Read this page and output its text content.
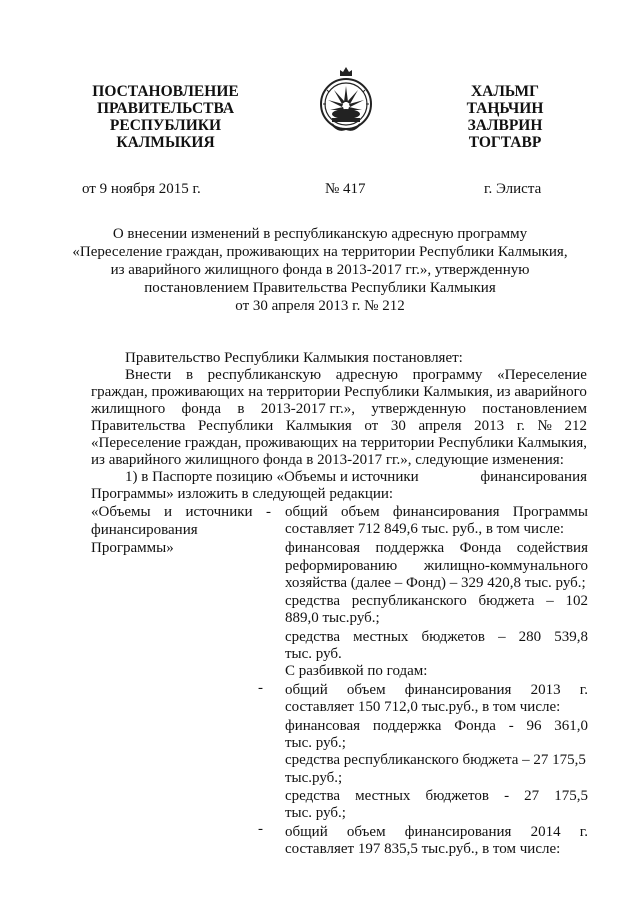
ПОСТАНОВЛЕНИЕ
ПРАВИТЕЛЬСТВА
РЕСПУБЛИКИ
КАЛМЫКИЯ
ХАЛЬМГ
ТАҢЬЧИН
ЗАЛВРИН
ТОГТАВР
от 9 ноября 2015 г.	№ 417	г. Элиста
О внесении изменений в республиканскую адресную программу
«Переселение граждан, проживающих на территории Республики Калмыкия,
из аварийного жилищного фонда в 2013-2017 гг.», утвержденную
постановлением Правительства Республики Калмыкия
от 30 апреля 2013 г. № 212
Правительство Республики Калмыкия постановляет:
Внести в республиканскую адресную программу «Переселение
граждан, проживающих на территории Республики Калмыкия, из аварийного
жилищного фонда в 2013-2017 гг.», утвержденную постановлением
Правительства Республики Калмыкия от 30 апреля 2013 г. № 212
«Переселение граждан, проживающих на территории Республики Калмыкия,
из аварийного жилищного фонда в 2013-2017 гг.», следующие изменения:
1) в Паспорте позицию «Объемы и источники	финансирования
Программы» изложить в следующей редакции:
«Объемы и источники -
финансирования
Программы»
общий объем финансирования Программы
составляет 712 849,6 тыс. руб., в том числе:
финансовая поддержка Фонда содействия
реформированию жилищно-коммунального
хозяйства (далее – Фонд) – 329 420,8 тыс. руб.;
средства республиканского бюджета – 102
889,0 тыс.руб.;
средства местных бюджетов – 280 539,8
тыс. руб.
С разбивкой по годам:
общий объем финансирования 2013 г.
составляет 150 712,0 тыс.руб., в том числе:
финансовая поддержка Фонда - 96 361,0
тыс. руб.;
средства республиканского бюджета – 27 175,5
тыс.руб.;
средства местных бюджетов - 27 175,5
тыс. руб.;
общий объем финансирования 2014 г.
составляет 197 835,5 тыс.руб., в том числе:
-
-
